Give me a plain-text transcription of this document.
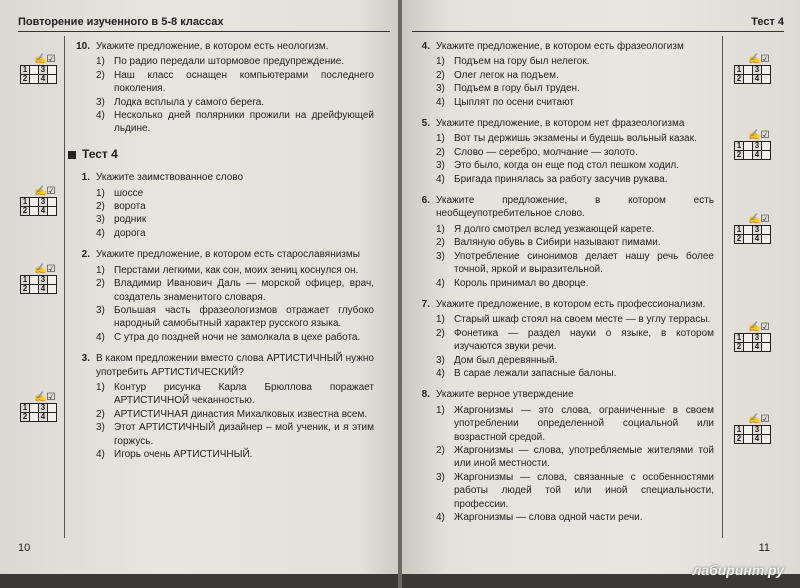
Повторение изученного в 5-8 классах
✍☑
1		3	
2		4	
✍☑
1		3	
2		4	
✍☑
1		3	
2		4	
✍☑
1		3	
2		4	
10. Укажите предложение, в котором есть неологизм.
1) По радио передали штормовое предупреждение.
2) Наш класс оснащен компьютерами последнего поколения.
3) Лодка всплыла у самого берега.
4) Несколько дней полярники прожили на дрейфующей льдине.
Тест 4
1. Укажите заимствованное слово
1) шоссе
2) ворота
3) родник
4) дорога
2. Укажите предложение, в котором есть старославянизмы
1) Перстами легкими, как сон, моих зениц коснулся он.
2) Владимир Иванович Даль — морской офицер, врач, создатель знаменитого словаря.
3) Большая часть фразеологизмов отражает глубоко народный самобытный характер русского языка.
4) С утра до поздней ночи не замолкала в цехе работа.
3. В каком предложении вместо слова АРТИСТИЧНЫЙ нужно употребить АРТИСТИЧЕСКИЙ?
1) Контур рисунка Карла Брюллова поражает АРТИСТИЧНОЙ чеканностью.
2) АРТИСТИЧНАЯ династия Михалковых известна всем.
3) Этот АРТИСТИЧНЫЙ дизайнер – мой ученик, и я этим горжусь.
4) Игорь очень АРТИСТИЧНЫЙ.
10
Тест 4
✍☑
1		3	
2		4	
✍☑
1		3	
2		4	
✍☑
1		3	
2		4	
✍☑
1		3	
2		4	
✍☑
1		3	
2		4	
4. Укажите предложение, в котором есть фразеологизм
1) Подъем на гору был нелегок.
2) Олег легок на подъем.
3) Подъем в гору был труден.
4) Цыплят по осени считают
5. Укажите предложение, в котором нет фразеологизма
1) Вот ты держишь экзамены и будешь вольный казак.
2) Слово — серебро, молчание — золото.
3) Это было, когда он еще под стол пешком ходил.
4) Бригада принялась за работу засучив рукава.
6. Укажите предложение, в котором есть необщеупотребительное слово.
1) Я долго смотрел вслед уезжающей карете.
2) Валяную обувь в Сибири называют пимами.
3) Употребление синонимов делает нашу речь более точной, яркой и выразительной.
4) Король принимал во дворце.
7. Укажите предложение, в котором есть профессионализм.
1) Старый шкаф стоял на своем месте — в углу террасы.
2) Фонетика — раздел науки о языке, в котором изучаются звуки речи.
3) Дом был деревянный.
4) В сарае лежали запасные балоны.
8. Укажите верное утверждение
1) Жаргонизмы — это слова, ограниченные в своем употреблении определенной социальной или возрастной средой.
2) Жаргонизмы — слова, употребляемые жителями той или иной местности.
3) Жаргонизмы — слова, связанные с особенностями работы людей той или иной специальности, профессии.
4) Жаргонизмы — слова одной части речи.
11
лабиринт.ру
